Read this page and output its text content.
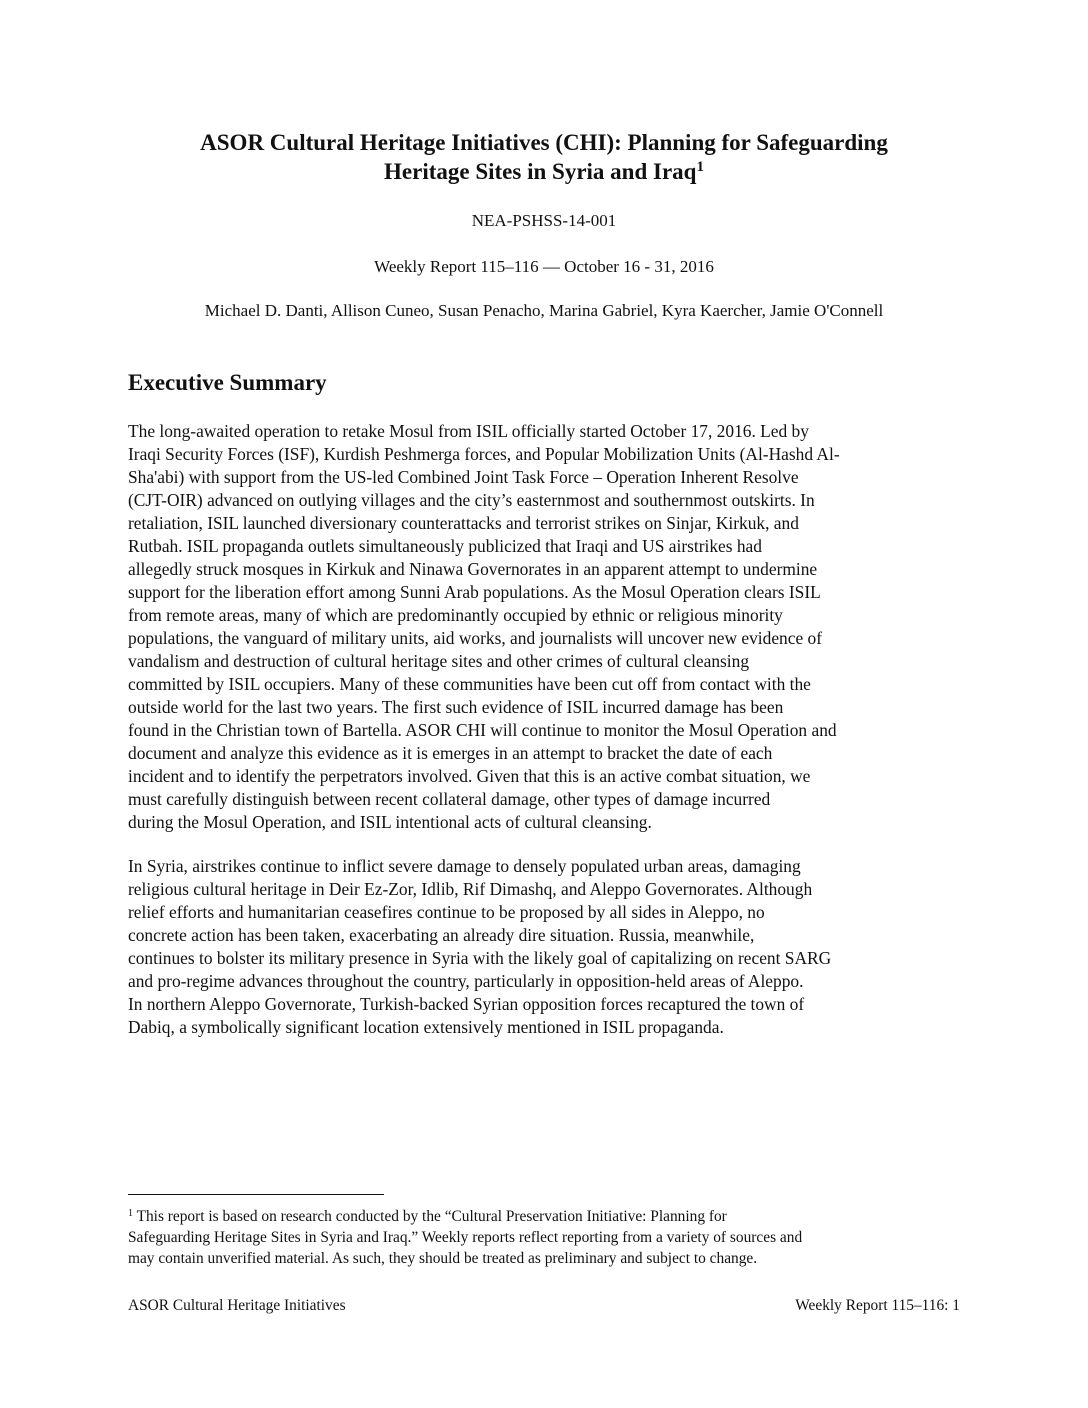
ASOR Cultural Heritage Initiatives (CHI): Planning for Safeguarding
Heritage Sites in Syria and Iraq$^1$
NEA-PSHSS-14-001
Weekly Report 115–116 — October 16 - 31, 2016
Michael D. Danti, Allison Cuneo, Susan Penacho, Marina Gabriel, Kyra Kaercher, Jamie O'Connell
Executive Summary

The long-awaited operation to retake Mosul from ISIL officially started October 17, 2016. Led by
Iraqi Security Forces (ISF), Kurdish Peshmerga forces, and Popular Mobilization Units (Al-Hashd Al-
Sha'abi) with support from the US-led Combined Joint Task Force – Operation Inherent Resolve
(CJT-OIR) advanced on outlying villages and the city’s easternmost and southernmost outskirts. In
retaliation, ISIL launched diversionary counterattacks and terrorist strikes on Sinjar, Kirkuk, and
Rutbah. ISIL propaganda outlets simultaneously publicized that Iraqi and US airstrikes had
allegedly struck mosques in Kirkuk and Ninawa Governorates in an apparent attempt to undermine
support for the liberation effort among Sunni Arab populations. As the Mosul Operation clears ISIL
from remote areas, many of which are predominantly occupied by ethnic or religious minority
populations, the vanguard of military units, aid works, and journalists will uncover new evidence of
vandalism and destruction of cultural heritage sites and other crimes of cultural cleansing
committed by ISIL occupiers. Many of these communities have been cut off from contact with the
outside world for the last two years. The first such evidence of ISIL incurred damage has been
found in the Christian town of Bartella. ASOR CHI will continue to monitor the Mosul Operation and
document and analyze this evidence as it is emerges in an attempt to bracket the date of each
incident and to identify the perpetrators involved. Given that this is an active combat situation, we
must carefully distinguish between recent collateral damage, other types of damage incurred
during the Mosul Operation, and ISIL intentional acts of cultural cleansing.

In Syria, airstrikes continue to inflict severe damage to densely populated urban areas, damaging
religious cultural heritage in Deir Ez-Zor, Idlib, Rif Dimashq, and Aleppo Governorates. Although
relief efforts and humanitarian ceasefires continue to be proposed by all sides in Aleppo, no
concrete action has been taken, exacerbating an already dire situation. Russia, meanwhile,
continues to bolster its military presence in Syria with the likely goal of capitalizing on recent SARG
and pro-regime advances throughout the country, particularly in opposition-held areas of Aleppo.
In northern Aleppo Governorate, Turkish-backed Syrian opposition forces recaptured the town of
Dabiq, a symbolically significant location extensively mentioned in ISIL propaganda.

$^1$ This report is based on research conducted by the “Cultural Preservation Initiative: Planning for
Safeguarding Heritage Sites in Syria and Iraq.” Weekly reports reflect reporting from a variety of sources and
may contain unverified material. As such, they should be treated as preliminary and subject to change.
ASOR Cultural Heritage Initiatives	Weekly Report 115–116: 1
